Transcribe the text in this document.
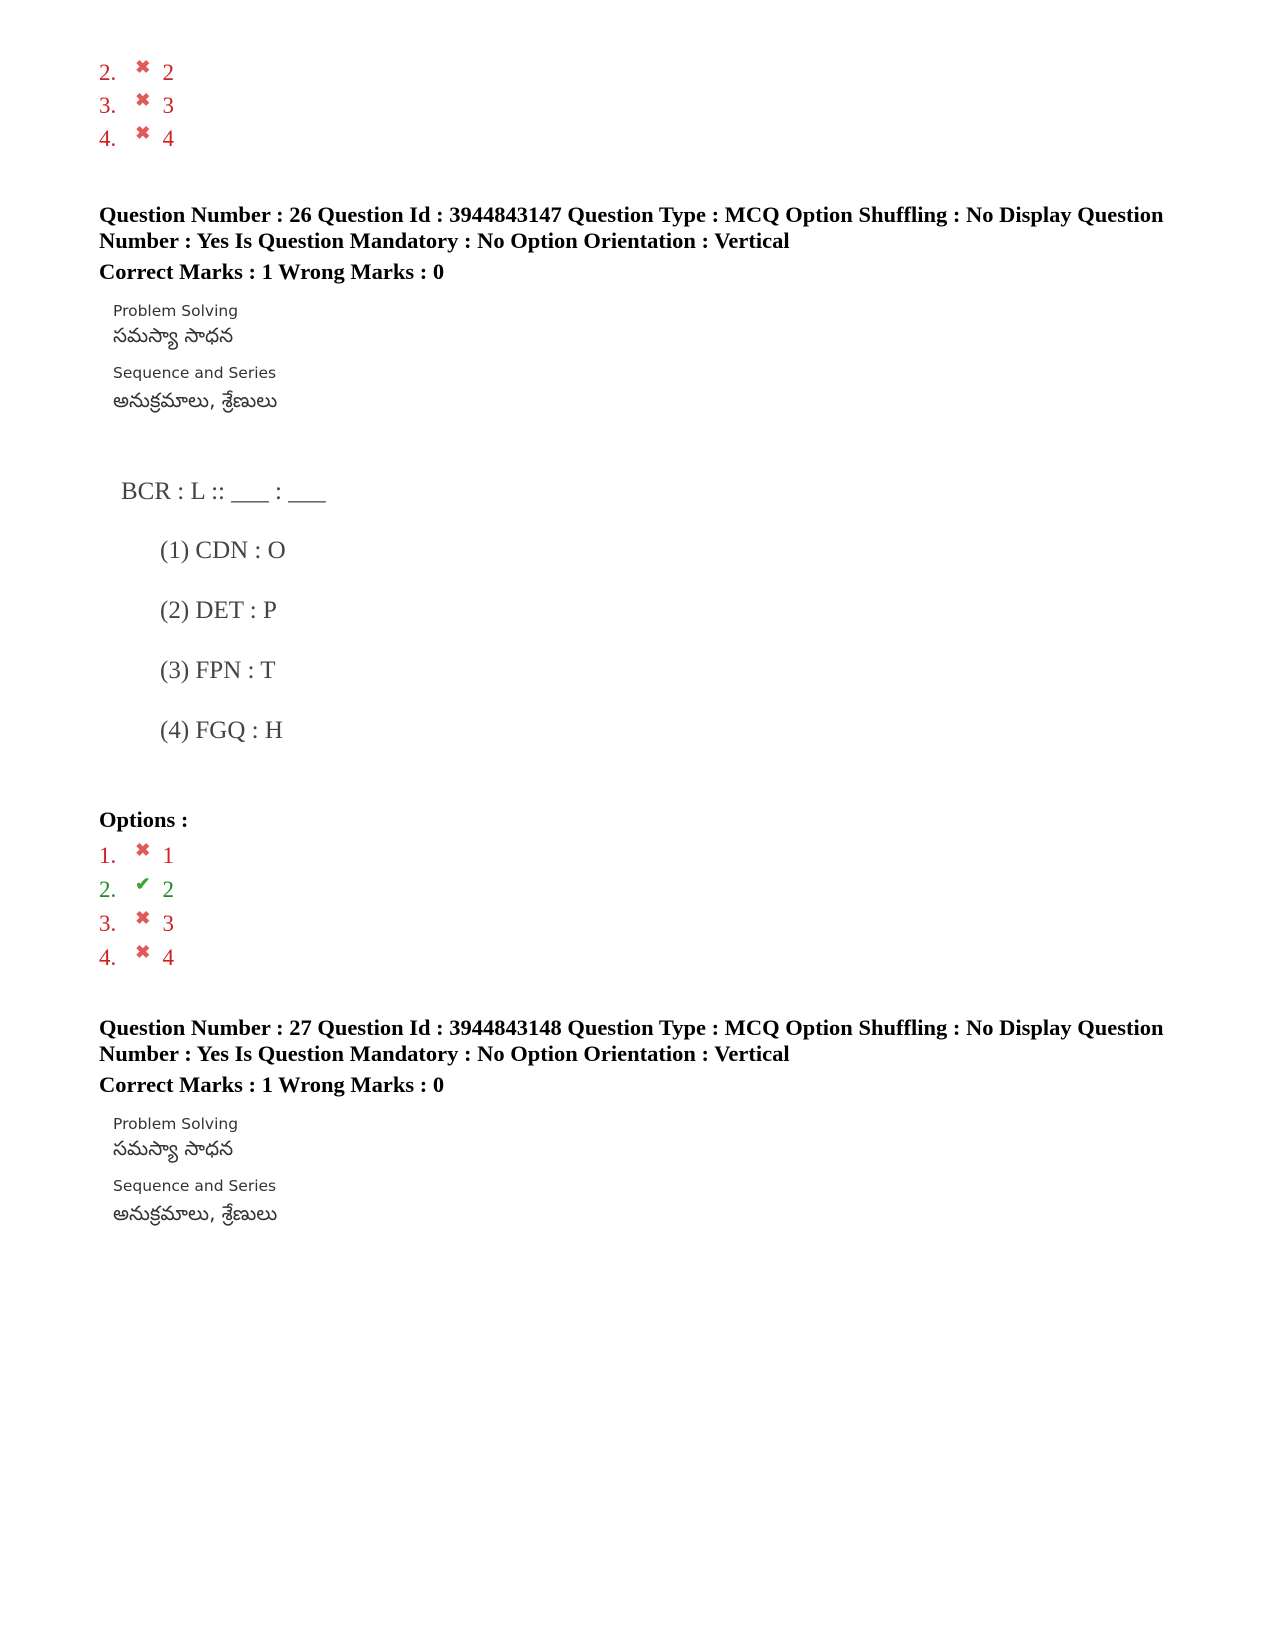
2. ✖ 2
3. ✖ 3
4. ✖ 4
Question Number : 26 Question Id : 3944843147 Question Type : MCQ Option Shuffling : No Display Question
Number : Yes Is Question Mandatory : No Option Orientation : Vertical
Correct Marks : 1 Wrong Marks : 0
Problem Solving
సమస్యా సాధన
Sequence and Series
అనుక్రమాలు, శ్రేణులు
BCR : L :: ___ : ___
(1) CDN : O
(2) DET : P
(3) FPN : T
(4) FGQ : H
Options :
1. ✖ 1
2. ✔ 2
3. ✖ 3
4. ✖ 4
Question Number : 27 Question Id : 3944843148 Question Type : MCQ Option Shuffling : No Display Question
Number : Yes Is Question Mandatory : No Option Orientation : Vertical
Correct Marks : 1 Wrong Marks : 0
Problem Solving
సమస్యా సాధన
Sequence and Series
అనుక్రమాలు, శ్రేణులు
